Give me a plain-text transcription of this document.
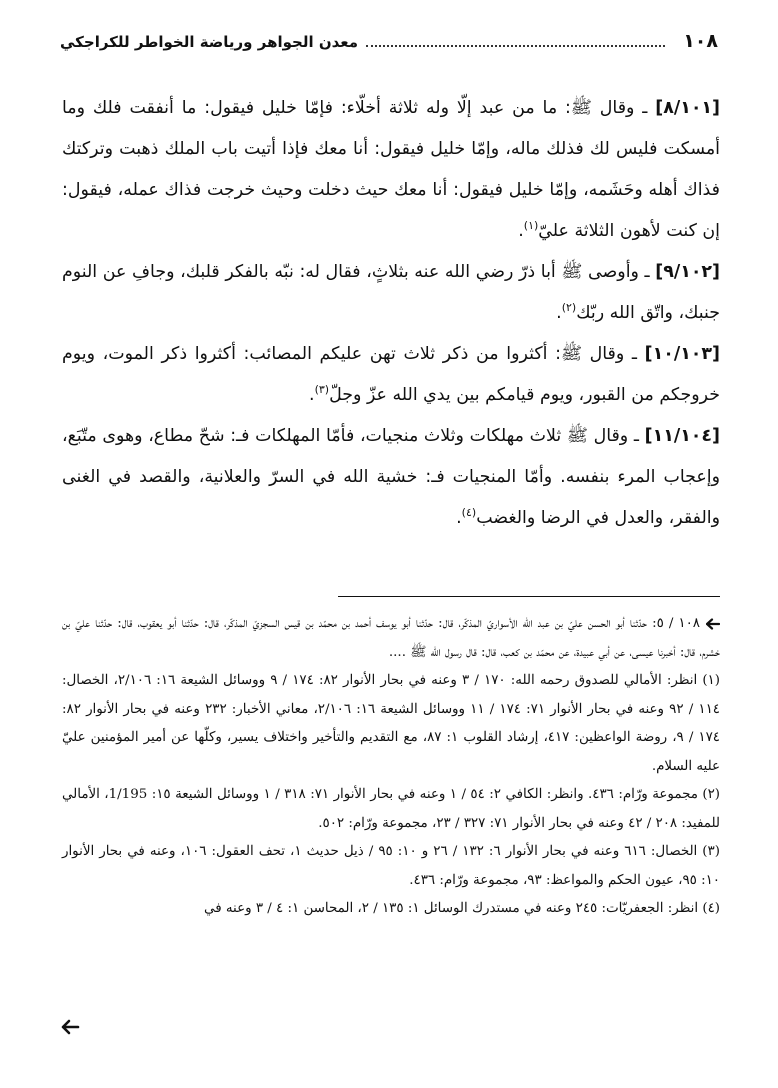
١٠٨
معدن الجواهر ورياضة الخواطر للكراجكي

[٨/١٠١] ـ وقال ﷺ: ما من عبد إلّا وله ثلاثة أخلّاء: فإمّا خليل فيقول: ما أنفقت فلك وما أمسكت فليس لك فذلك ماله، وإمّا خليل فيقول: أنا معك فإذا أتيت باب الملك ذهبت وتركتك فذاك أهله وحَشَمه، وإمّا خليل فيقول: أنا معك حيث دخلت وحيث خرجت فذاك عمله، فيقول: إن كنت لأهون الثلاثة عليّ$^{(١)}$.

[٩/١٠٢] ـ وأوصى ﷺ أبا ذرّ رضي الله عنه بثلاثٍ، فقال له: نبّه بالفكر قلبك، وجافِ عن النوم جنبك، واتّق الله ربّك$^{(٢)}$.

[١٠/١٠٣] ـ وقال ﷺ: أكثروا من ذكر ثلاث تهن عليكم المصائب: أكثروا ذكر الموت، ويوم خروجكم من القبور، ويوم قيامكم بين يدي الله عزّ وجلّ$^{(٣)}$.

[١١/١٠٤] ـ وقال ﷺ ثلاث مهلكات وثلاث منجيات، فأمّا المهلكات فـ: شحّ مطاع، وهوى متّبَع، وإعجاب المرء بنفسه. وأمّا المنجيات فـ: خشية الله في السرّ والعلانية، والقصد في الغنى والفقر، والعدل في الرضا والغضب$^{(٤)}$.

١٠٨ / ٥: حدّثنا أبو الحسن عليّ بن عبد الله الأسواريّ المذكّر، قال: حدّثنا أبو يوسف أحمد بن محمّد بن قيس السجزيّ المذكّر، قال: حدّثنا أبو يعقوب، قال: حدّثنا عليّ بن خشرم، قال: أخبرنا عيسى، عن أبي عبيدة، عن محمّد بن كعب، قال: قال رسول الله ﷺ ....

(١) انظر: الأمالي للصدوق رحمه الله: ١٧٠ / ٣ وعنه في بحار الأنوار ٨٢: ١٧٤ / ٩ ووسائل الشيعة ١٦: ٢/١٠٦، الخصال: ١١٤ / ٩٢ وعنه في بحار الأنوار ٧١: ١٧٤ / ١١ ووسائل الشيعة ١٦: ٢/١٠٦، معاني الأخبار: ٢٣٢ وعنه في بحار الأنوار ٨٢: ١٧٤ / ٩، روضة الواعظين: ٤١٧، إرشاد القلوب ١: ٨٧، مع التقديم والتأخير واختلاف يسير، وكلّها عن أمير المؤمنين عليّ عليه السلام.

(٢) مجموعة ورّام: ٤٣٦. وانظر: الكافي ٢: ٥٤ / ١ وعنه في بحار الأنوار ٧١: ٣١٨ / ١ ووسائل الشيعة ١٥: 1/195، الأمالي للمفيد: ٢٠٨ / ٤٢ وعنه في بحار الأنوار ٧١: ٣٢٧ / ٢٣، مجموعة ورّام: ٥٠٢.

(٣) الخصال: ٦١٦ وعنه في بحار الأنوار ٦: ١٣٢ / ٢٦ و ١٠: ٩٥ / ذيل حديث ١، تحف العقول: ١٠٦، وعنه في بحار الأنوار ١٠: ٩٥، عيون الحكم والمواعظ: ٩٣، مجموعة ورّام: ٤٣٦.

(٤) انظر: الجعفريّات: ٢٤٥ وعنه في مستدرك الوسائل ١: ١٣٥ / ٢، المحاسن ١: ٤ / ٣ وعنه في
